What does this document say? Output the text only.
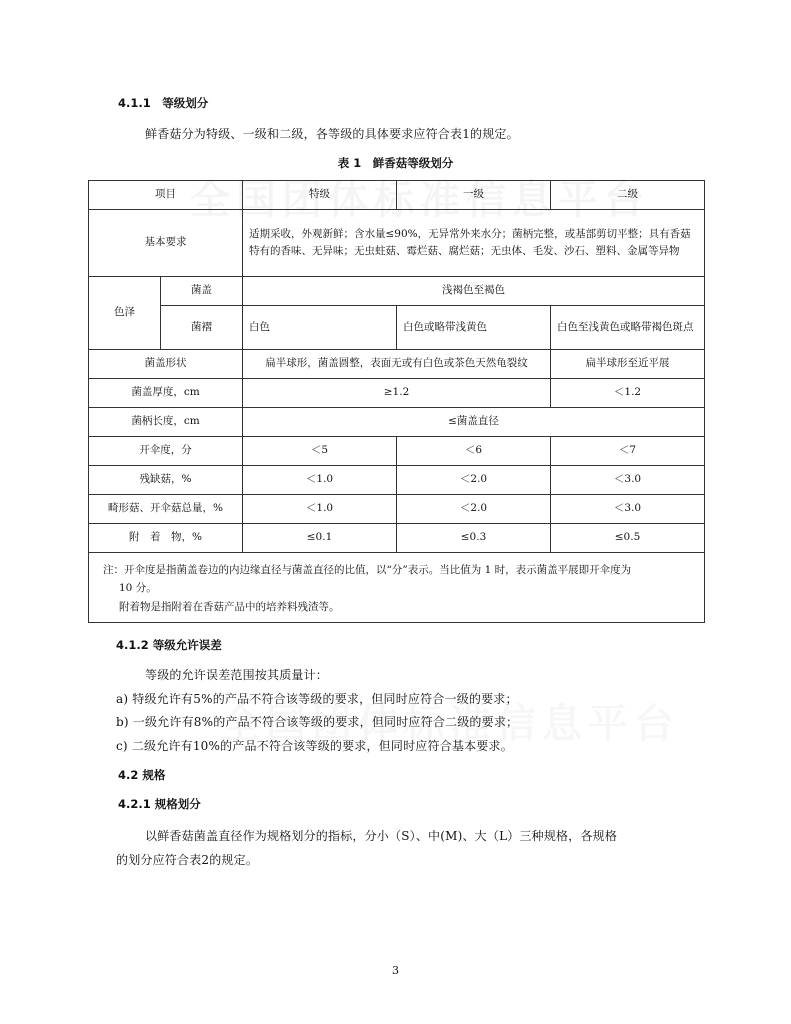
4.1.1　等级划分
鲜香菇分为特级、一级和二级，各等级的具体要求应符合表1的规定。
表 1　鲜香菇等级划分
项目		特级	一级	二级
基本要求		适期采收，外观新鲜；含水量≤90%，无异常外来水分；菌柄完整，或基部剪切平整；具有香菇特有的香味、无异味；无虫蛀菇、霉烂菇、腐烂菇；无虫体、毛发、沙石、塑料、金属等异物		
色泽	菌盖	浅褐色至褐色		
	菌褶	白色	白色或略带浅黄色	白色至浅黄色或略带褐色斑点
菌盖形状		扁半球形，菌盖圆整，表面无或有白色或茶色天然龟裂纹		扁半球形至近平展
菌盖厚度，cm		≥1.2		＜1.2
菌柄长度，cm		≤菌盖直径		
开伞度，分		＜5	＜6	＜7
残缺菇，%		＜1.0	＜2.0	＜3.0
畸形菇、开伞菇总量，%		＜1.0	＜2.0	＜3.0
附　着　物，%		≤0.1	≤0.3	≤0.5

注：开伞度是指菌盖卷边的内边缘直径与菌盖直径的比值，以“分”表示。当比值为 1 时，表示菌盖平展即开伞度为
10 分。
附着物是指附着在香菇产品中的培养料残渣等。				
4.1.2 等级允许误差
等级的允许误差范围按其质量计：
a) 特级允许有5%的产品不符合该等级的要求，但同时应符合一级的要求；
b) 一级允许有8%的产品不符合该等级的要求，但同时应符合二级的要求；
c) 二级允许有10%的产品不符合该等级的要求，但同时应符合基本要求。
4.2 规格
4.2.1 规格划分
以鲜香菇菌盖直径作为规格划分的指标，分小（S）、中(M)、大（L）三种规格，各规格
的划分应符合表2的规定。
3
